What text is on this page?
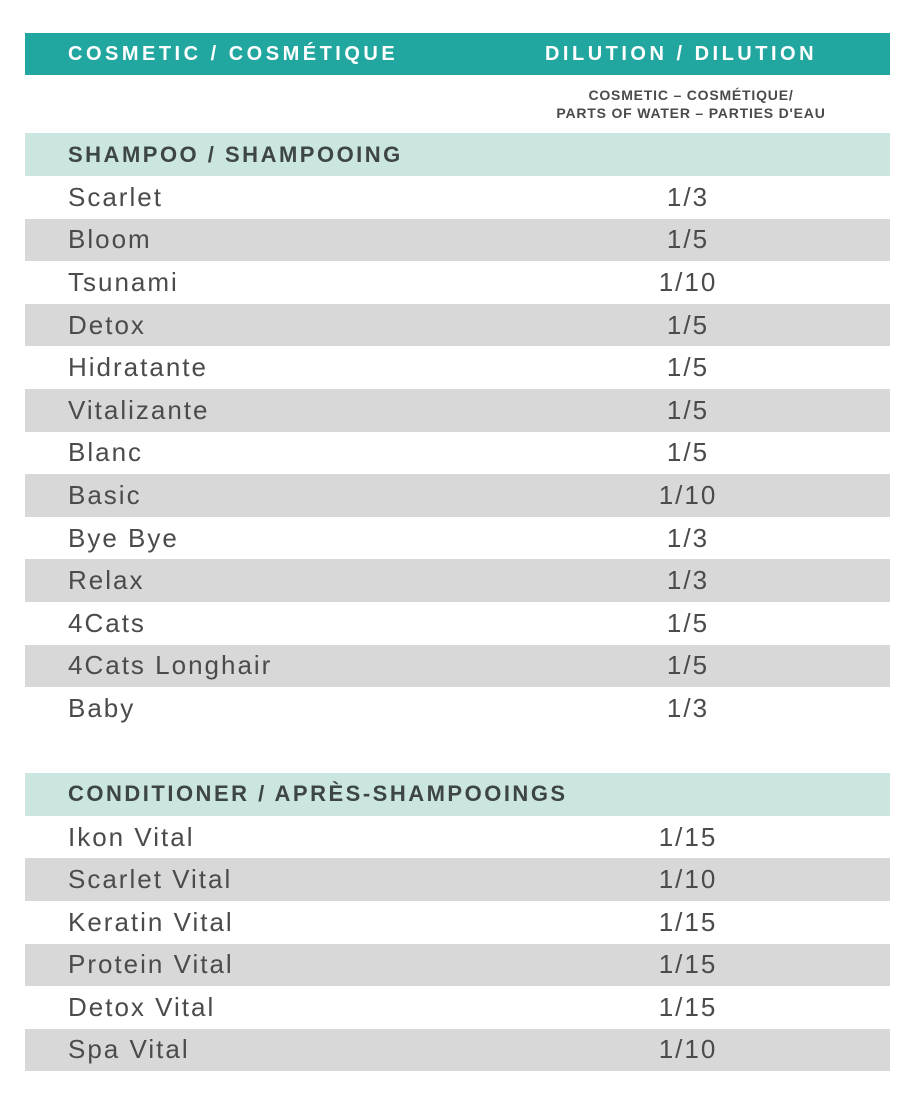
COSMETIC / COSMÉTIQUE	DILUTION / DILUTION
COSMETIC – COSMÉTIQUE/
PARTS OF WATER – PARTIES D'EAU
SHAMPOO / SHAMPOOING
Scarlet	1/3
Bloom	1/5
Tsunami	1/10
Detox	1/5
Hidratante	1/5
Vitalizante	1/5
Blanc	1/5
Basic	1/10
Bye Bye	1/3
Relax	1/3
4Cats	1/5
4Cats Longhair	1/5
Baby	1/3
CONDITIONER / APRÈS-SHAMPOOINGS
Ikon Vital	1/15
Scarlet Vital	1/10
Keratin Vital	1/15
Protein Vital	1/15
Detox Vital	1/15
Spa Vital	1/10
